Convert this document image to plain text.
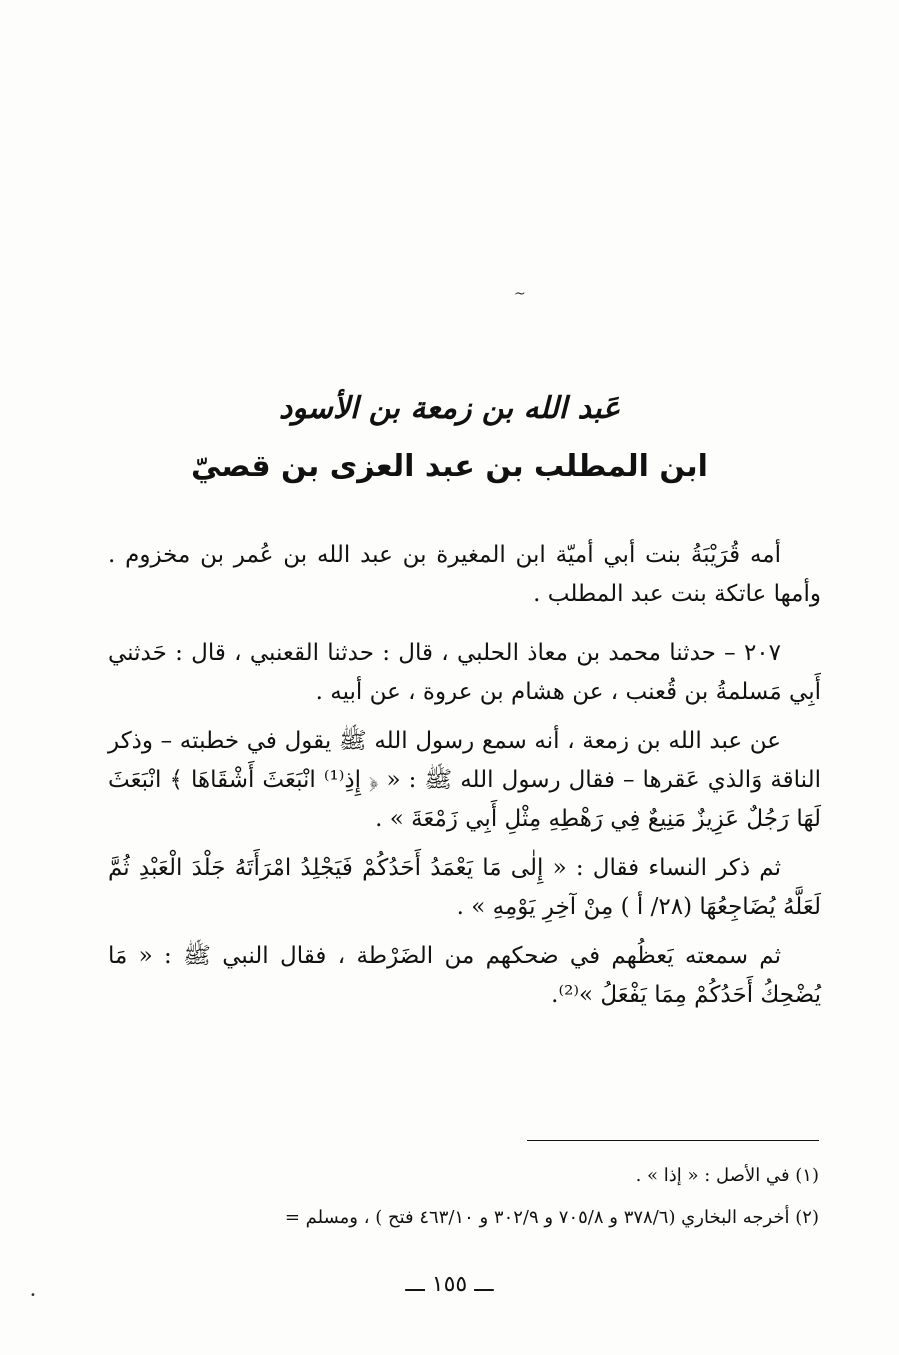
~

عَبد الله بن زمعة بن الأسود

ابن المطلب بن عبد العزى بن قصيّ

أمه قُرَيْبَةُ بنت أبي أميّة ابن المغيرة بن عبد الله بن عُمر بن مخزوم . وأمها عاتكة بنت عبد المطلب .

٢٠٧ – حدثنا محمد بن معاذ الحلبي ، قال : حدثنا القعنبي ، قال : حَدثني أَبِي مَسلمةُ بن قُعنب ، عن هشام بن عروة ، عن أبيه .

عن عبد الله بن زمعة ، أنه سمع رسول الله ﷺ يقول في خطبته – وذكر الناقة وَالذي عَقرها – فقال رسول الله ﷺ : « ﴿ إِذِ⁽¹⁾ انْبَعَثَ أَشْقَاهَا ﴾ انْبَعَثَ لَهَا رَجُلٌ عَزِيزٌ مَنِيعٌ فِي رَهْطِهِ مِثْلِ أَبِي زَمْعَةَ » .

ثم ذكر النساء فقال : « إِلٰى مَا يَعْمَدُ أَحَدُكُمْ فَيَجْلِدُ امْرَأَتَهُ جَلْدَ الْعَبْدِ ثُمَّ لَعَلَّهُ يُضَاجِعُهَا (٢٨/ أ ) مِنْ آخِرِ يَوْمِهِ » .

ثم سمعته يَعظُهم في ضحكهم من الضَرْطة ، فقال النبي ﷺ : « مَا يُضْحِكُ أَحَدُكُمْ مِمَا يَفْعَلُ »⁽²⁾.

(١) في الأصل : « إذا » .

(٢) أخرجه البخاري (٣٧٨/٦ و ٧٠٥/٨ و ٣٠٢/٩ و ٤٦٣/١٠ فتح ) ، ومسلم =

ـــ ١٥٥ ـــ
•
